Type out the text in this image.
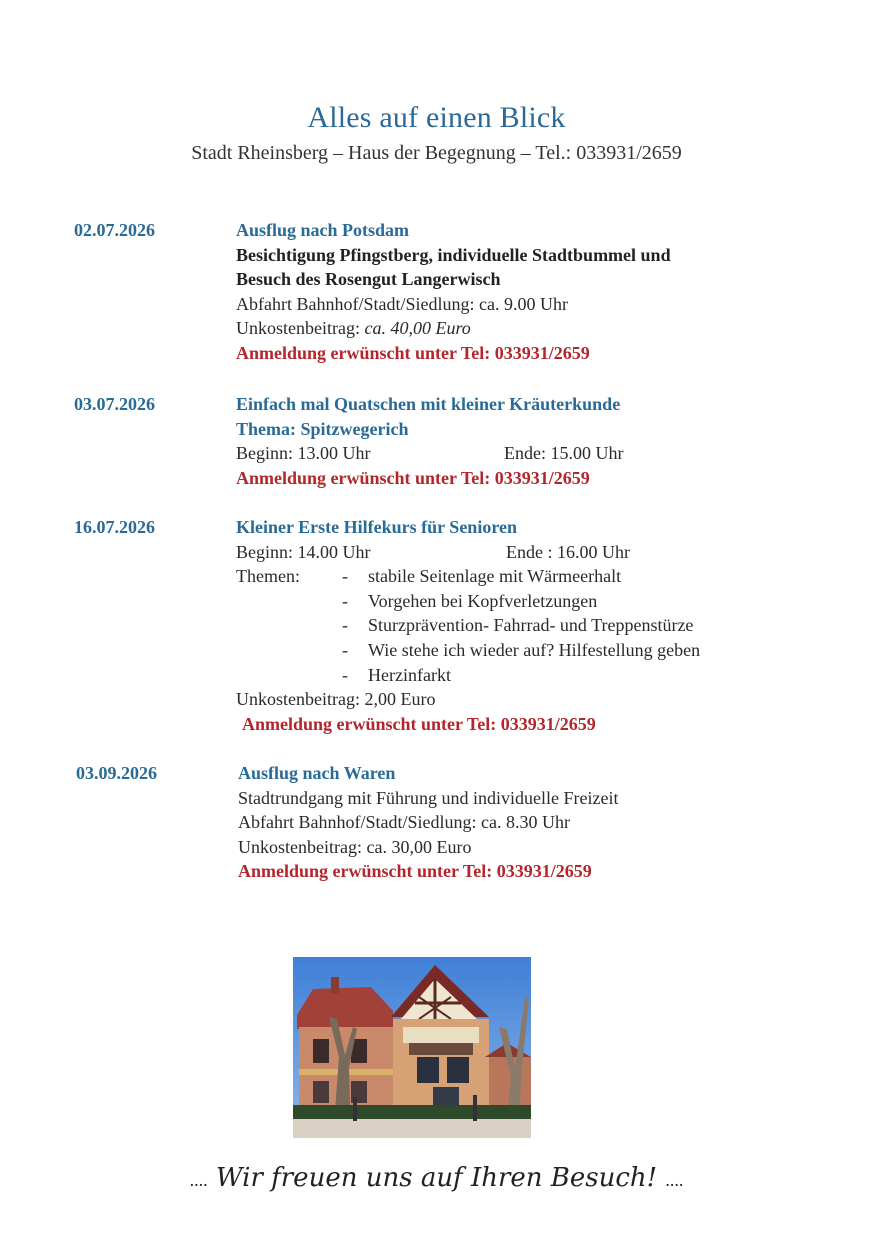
Alles auf einen Blick
Stadt Rheinsberg – Haus der Begegnung – Tel.: 033931/2659
02.07.2026	Ausflug nach Potsdam
Besichtigung Pfingstberg, individuelle Stadtbummel und
Besuch des Rosengut Langerwisch
Abfahrt Bahnhof/Stadt/Siedlung: ca. 9.00 Uhr
Unkostenbeitrag: ca. 40,00 Euro
Anmeldung erwünscht unter Tel: 033931/2659
03.07.2026	Einfach mal Quatschen mit kleiner Kräuterkunde
Thema: Spitzwegerich
Beginn: 13.00 Uhr	Ende: 15.00 Uhr
Anmeldung erwünscht unter Tel: 033931/2659
16.07.2026	Kleiner Erste Hilfekurs für Senioren
Beginn: 14.00 Uhr	Ende : 16.00 Uhr
Themen: - stabile Seitenlage mit Wärmeerhalt
- Vorgehen bei Kopfverletzungen
- Sturzprävention- Fahrrad- und Treppenstürze
- Wie stehe ich wieder auf? Hilfestellung geben
- Herzinfarkt
Unkostenbeitrag: 2,00 Euro
Anmeldung erwünscht unter Tel: 033931/2659
03.09.2026	Ausflug nach Waren
Stadtrundgang mit Führung und individuelle Freizeit
Abfahrt Bahnhof/Stadt/Siedlung: ca. 8.30 Uhr
Unkostenbeitrag: ca. 30,00 Euro
Anmeldung erwünscht unter Tel: 033931/2659
.... Wir freuen uns auf Ihren Besuch! ....
